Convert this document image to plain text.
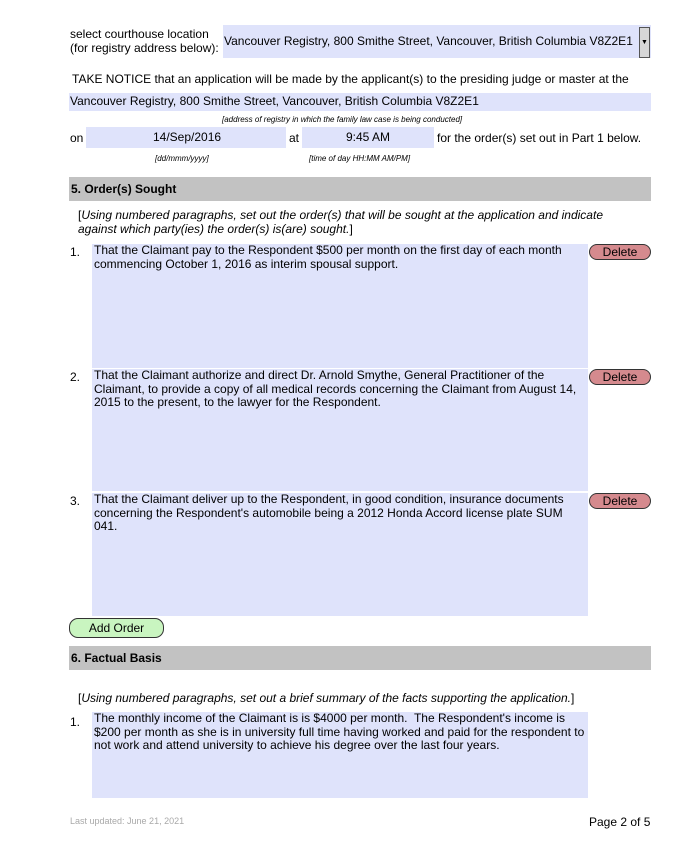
select courthouse location
(for registry address below): Vancouver Registry, 800 Smithe Street, Vancouver, British Columbia V8Z2E1 ▼
TAKE NOTICE that an application will be made by the applicant(s) to the presiding judge or master at the
Vancouver Registry, 800 Smithe Street, Vancouver, British Columbia V8Z2E1
[address of registry in which the family law case is being conducted]
on	14/Sep/2016	at	9:45 AM	for the order(s) set out in Part 1 below.
[dd/mmm/yyyy]	[time of day HH:MM AM/PM]
5. Order(s) Sought
[Using numbered paragraphs, set out the order(s) that will be sought at the application and indicate against which party(ies) the order(s) is(are) sought.]
1. That the Claimant pay to the Respondent $500 per month on the first day of each month commencing October 1, 2016 as interim spousal support.
Delete
2. That the Claimant authorize and direct Dr. Arnold Smythe, General Practitioner of the Claimant, to provide a copy of all medical records concerning the Claimant from August 14, 2015 to the present, to the lawyer for the Respondent.
Delete
3. That the Claimant deliver up to the Respondent, in good condition, insurance documents concerning the Respondent's automobile being a 2012 Honda Accord license plate SUM 041.
Delete
Add Order
6. Factual Basis
[Using numbered paragraphs, set out a brief summary of the facts supporting the application.]
1. The monthly income of the Claimant is is $4000 per month.  The Respondent's income is $200 per month as she is in university full time having worked and paid for the respondent to not work and attend university to achieve his degree over the last four years.
Last updated: June 21, 2021	Page 2 of 5
